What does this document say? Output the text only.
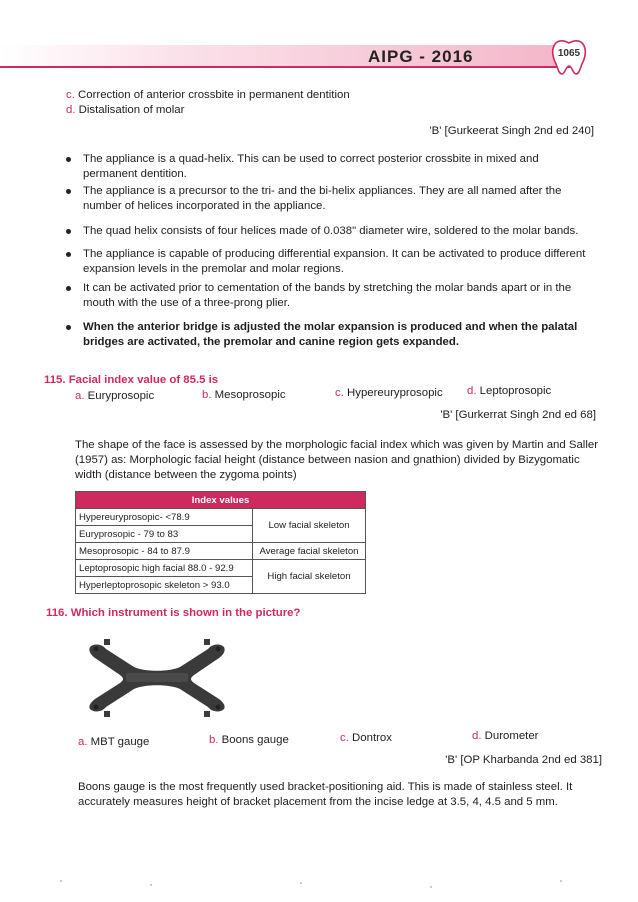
AIPG - 2016	1065
c. Correction of anterior crossbite in permanent dentition
d. Distalisation of molar
'B' [Gurkeerat Singh 2nd ed 240]
The appliance is a quad-helix. This can be used to correct posterior crossbite in mixed and permanent dentition.
The appliance is a precursor to the tri- and the bi-helix appliances. They are all named after the number of helices incorporated in the appliance.
The quad helix consists of four helices made of 0.038" diameter wire, soldered to the molar bands.
The appliance is capable of producing differential expansion. It can be activated to produce different expansion levels in the premolar and molar regions.
It can be activated prior to cementation of the bands by stretching the molar bands apart or in the mouth with the use of a three-prong plier.
When the anterior bridge is adjusted the molar expansion is produced and when the palatal bridges are activated, the premolar and canine region gets expanded.
115. Facial index value of 85.5 is
a. Euryprosopic	b. Mesoprosopic	c. Hypereuryprosopic d. Leptoprosopic
'B' [Gurkerrat Singh 2nd ed 68]
The shape of the face is assessed by the morphologic facial index which was given by Martin and Saller (1957) as: Morphologic facial height (distance between nasion and gnathion) divided by Bizygomatic width (distance between the zygoma points)
Index values	
Hypereuryprosopic- <78.9	Low facial skeleton
Euryprosopic - 79 to 83	
Mesoprosopic - 84 to 87.9	Average facial skeleton
Leptoprosopic high facial 88.0 - 92.9	High facial skeleton
Hyperleptoprosopic skeleton > 93.0	
116. Which instrument is shown in the picture?
a. MBT gauge	b. Boons gauge	c. Dontrox	d. Durometer
'B' [OP Kharbanda 2nd ed 381]
Boons gauge is the most frequently used bracket-positioning aid. This is made of stainless steel. It accurately measures height of bracket placement from the incise ledge at 3.5, 4, 4.5 and 5 mm.
